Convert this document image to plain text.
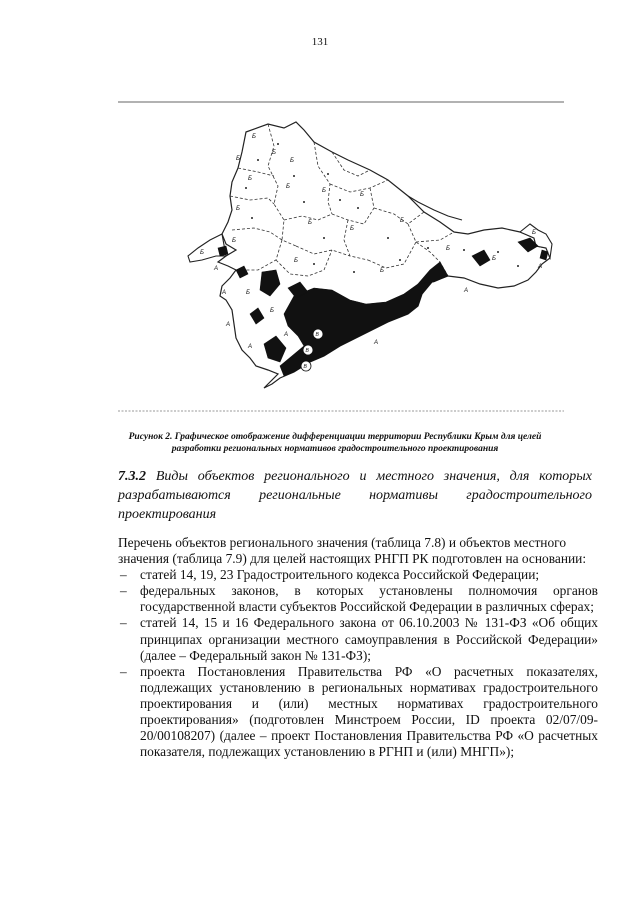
131
Б
Б
Б	Б
Б
Б
Б
Б
Б
Б
Б
Б
Б
Б
Б
Б
Б
Б
Б
Б
Б
А
А
А
А
А
А
А
А
В
В
В
Рисунок 2. Графическое отображение дифференциации территории Республики Крым для целей
разработки региональных нормативов градостроительного проектирования
7.3.2 Виды объектов регионального и местного значения, для которых разрабатываются региональные нормативы градостроительного проектирования

Перечень объектов регионального значения (таблица 7.8) и объектов местного значения (таблица 7.9) для целей настоящих РНГП РК подготовлен на основании:

– статей 14, 19, 23 Градостроительного кодекса Российской Федерации;
– федеральных законов, в которых установлены полномочия органов государственной власти субъектов Российской Федерации в различных сферах;
– статей 14, 15 и 16 Федерального закона от 06.10.2003 № 131-ФЗ «Об общих принципах организации местного самоуправления в Российской Федерации» (далее – Федеральный закон № 131-ФЗ);
– проекта Постановления Правительства РФ «О расчетных показателях, подлежащих установлению в региональных нормативах градостроительного проектирования и (или) местных нормативах градостроительного проектирования» (подготовлен Минстроем России, ID проекта 02/07/09-20/00108207) (далее – проект Постановления Правительства РФ «О расчетных показателя, подлежащих установлению в РГНП и (или) МНГП»);
